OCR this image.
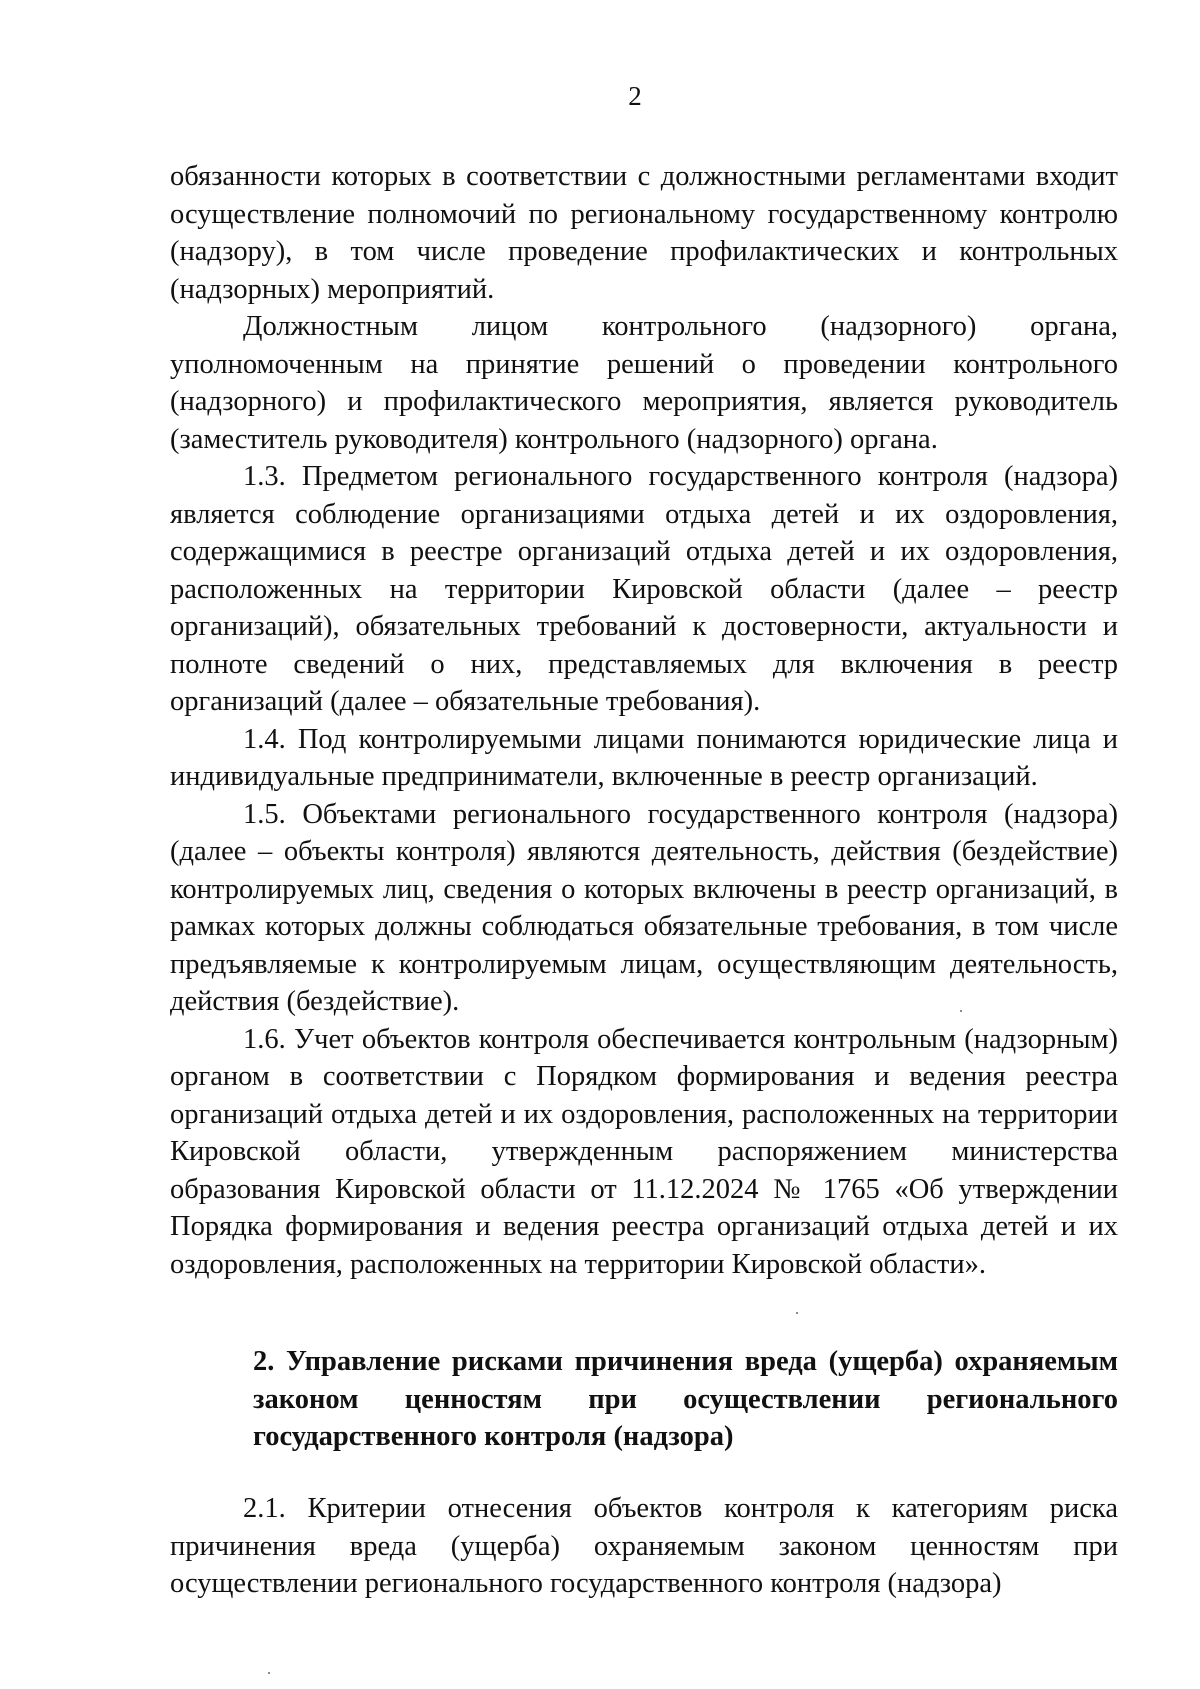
2

обязанности которых в соответствии с должностными регламентами входит осуществление полномочий по региональному государственному контролю (надзору), в том числе проведение профилактических и контрольных (надзорных) мероприятий.

Должностным лицом контрольного (надзорного) органа, уполномоченным на принятие решений о проведении контрольного (надзорного) и профилактического мероприятия, является руководитель (заместитель руководителя) контрольного (надзорного) органа.

1.3. Предметом регионального государственного контроля (надзора) является соблюдение организациями отдыха детей и их оздоровления, содержащимися в реестре организаций отдыха детей и их оздоровления, расположенных на территории Кировской области (далее – реестр организаций), обязательных требований к достоверности, актуальности и полноте сведений о них, представляемых для включения в реестр организаций (далее – обязательные требования).

1.4. Под контролируемыми лицами понимаются юридические лица и индивидуальные предприниматели, включенные в реестр организаций.

1.5. Объектами регионального государственного контроля (надзора) (далее – объекты контроля) являются деятельность, действия (бездействие) контролируемых лиц, сведения о которых включены в реестр организаций, в рамках которых должны соблюдаться обязательные требования, в том числе предъявляемые к контролируемым лицам, осуществляющим деятельность, действия (бездействие).

1.6. Учет объектов контроля обеспечивается контрольным (надзорным) органом в соответствии с Порядком формирования и ведения реестра организаций отдыха детей и их оздоровления, расположенных на территории Кировской области, утвержденным распоряжением министерства образования Кировской области от 11.12.2024 № 1765 «Об утверждении Порядка формирования и ведения реестра организаций отдыха детей и их оздоровления, расположенных на территории Кировской области».

2. Управление рисками причинения вреда (ущерба) охраняемым законом ценностям при осуществлении регионального государственного контроля (надзора)

2.1. Критерии отнесения объектов контроля к категориям риска причинения вреда (ущерба) охраняемым законом ценностям при осуществлении регионального государственного контроля (надзора)
